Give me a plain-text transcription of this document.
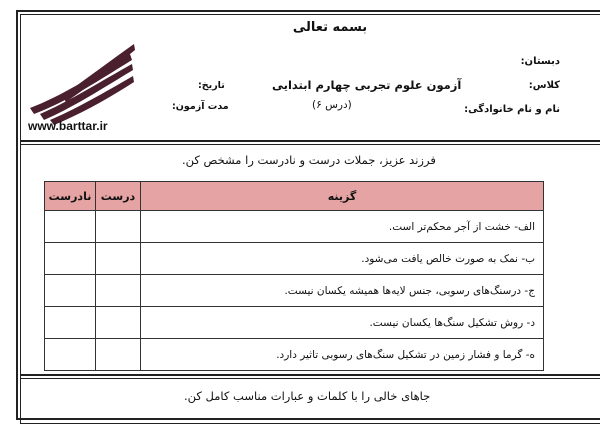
بسمه تعالی
دبستان:
کلاس:
نام و نام خانوادگی:
آزمون علوم تجربی چهارم ابتدایی
(درس ۶)
تاریخ:
مدت آزمون:
www.barttar.ir
فرزند عزیز، جملات درست و نادرست را مشخص کن.
گزینه	درست	نادرست
الف- خشت از آجر محکم‌تر است.		
ب- نمک به صورت خالص یافت می‌شود.		
ج- درسنگ‌های رسوبی، جنس لایه‌ها همیشه یکسان نیست.		
د- روش تشکیل سنگ‌ها یکسان نیست.		
ه- گرما و فشار زمین در تشکیل سنگ‌های رسوبی تاثیر دارد.		
جاهای خالی را با کلمات و عبارات مناسب کامل کن.
